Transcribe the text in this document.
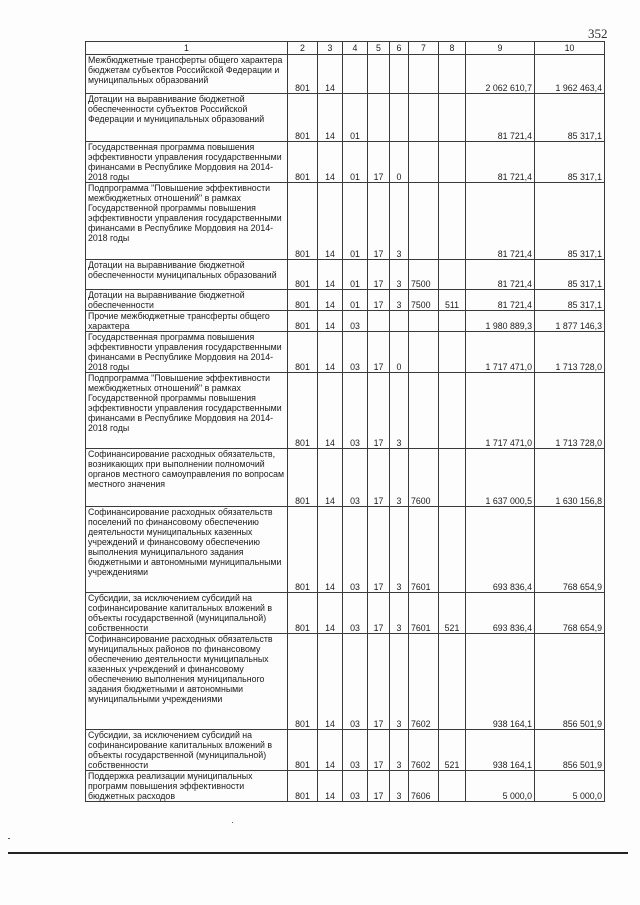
352
1	2	3	4	5	6	7	8	9	10
Межбюджетные трансферты общего характера бюджетам субъектов Российской Федерации и муниципальных образований	801	14						2 062 610,7	1 962 463,4
Дотации на выравнивание бюджетной обеспеченности субъектов Российской Федерации и муниципальных образований	801	14	01					81 721,4	85 317,1
Государственная программа повышения эффективности управления государственными финансами в Республике Мордовия на 2014-2018 годы	801	14	01	17	0			81 721,4	85 317,1
Подпрограмма "Повышение эффективности межбюджетных отношений" в рамках Государственной программы повышения эффективности управления государственными финансами в Республике Мордовия на 2014-2018 годы	801	14	01	17	3			81 721,4	85 317,1
Дотации на выравнивание бюджетной обеспеченности муниципальных образований	801	14	01	17	3	7500		81 721,4	85 317,1
Дотации на выравнивание бюджетной обеспеченности	801	14	01	17	3	7500	511	81 721,4	85 317,1
Прочие межбюджетные трансферты общего характера	801	14	03					1 980 889,3	1 877 146,3
Государственная программа повышения эффективности управления государственными финансами в Республике Мордовия на 2014-2018 годы	801	14	03	17	0			1 717 471,0	1 713 728,0
Подпрограмма "Повышение эффективности межбюджетных отношений" в рамках Государственной программы повышения эффективности управления государственными финансами в Республике Мордовия на 2014-2018 годы	801	14	03	17	3			1 717 471,0	1 713 728,0
Софинансирование расходных обязательств, возникающих при выполнении полномочий органов местного самоуправления по вопросам местного значения	801	14	03	17	3	7600		1 637 000,5	1 630 156,8
Софинансирование расходных обязательств поселений по финансовому обеспечению деятельности муниципальных казенных учреждений и финансовому обеспечению выполнения муниципального задания бюджетными и автономными муниципальными учреждениями	801	14	03	17	3	7601		693 836,4	768 654,9
Субсидии, за исключением субсидий на софинансирование капитальных вложений в объекты государственной (муниципальной) собственности	801	14	03	17	3	7601	521	693 836,4	768 654,9
Софинансирование расходных обязательств муниципальных районов по финансовому обеспечению деятельности муниципальных казенных учреждений и финансовому обеспечению выполнения муниципального задания бюджетными и автономными муниципальными учреждениями	801	14	03	17	3	7602		938 164,1	856 501,9
Субсидии, за исключением субсидий на софинансирование капитальных вложений в объекты государственной (муниципальной) собственности	801	14	03	17	3	7602	521	938 164,1	856 501,9
Поддержка реализации муниципальных программ повышения эффективности бюджетных расходов	801	14	03	17	3	7606		5 000,0	5 000,0
